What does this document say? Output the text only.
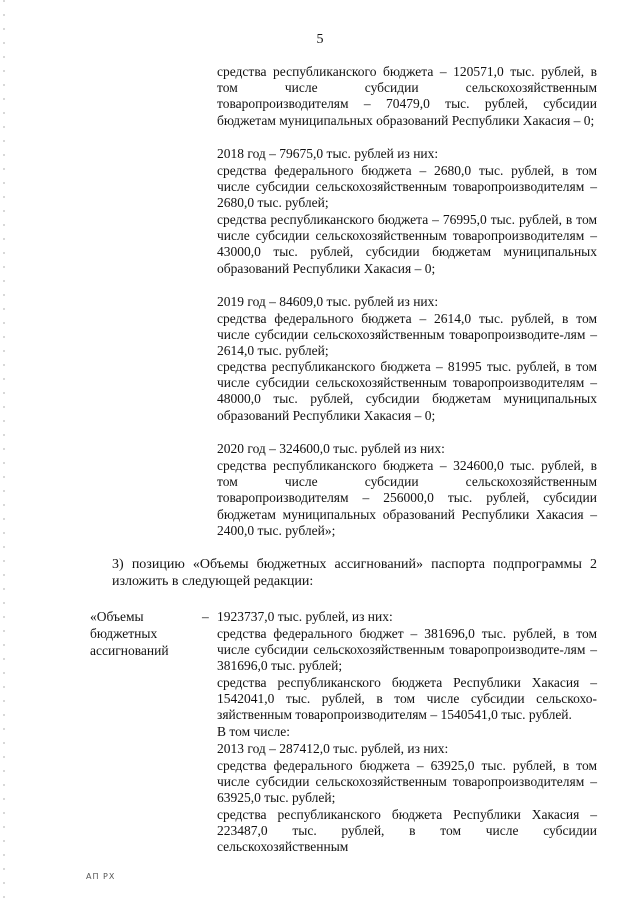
5
средства республиканского бюджета – 120571,0 тыс. рублей, в том числе субсидии сельскохозяйственным товаропроизводителям – 70479,0 тыс. рублей, субсидии бюджетам муниципальных образований Республики Хакасия – 0;
2018 год – 79675,0 тыс. рублей из них:
средства федерального бюджета – 2680,0 тыс. рублей, в том числе субсидии сельскохозяйственным товаропроизводителям – 2680,0 тыс. рублей;
средства республиканского бюджета – 76995,0 тыс. рублей, в том числе субсидии сельскохозяйственным товаропроизводителям – 43000,0 тыс. рублей, субсидии бюджетам муниципальных образований Республики Хакасия – 0;
2019 год – 84609,0 тыс. рублей из них:
средства федерального бюджета – 2614,0 тыс. рублей, в том числе субсидии сельскохозяйственным товаропроизводите-лям – 2614,0 тыс. рублей;
средства республиканского бюджета – 81995 тыс. рублей, в том числе субсидии сельскохозяйственным товаропроизводителям – 48000,0 тыс. рублей, субсидии бюджетам муниципальных образований Республики Хакасия – 0;
2020 год – 324600,0 тыс. рублей из них:
средства республиканского бюджета – 324600,0 тыс. рублей, в том числе субсидии сельскохозяйственным товаропроизводителям – 256000,0 тыс. рублей, субсидии бюджетам муниципальных образований Республики Хакасия – 2400,0 тыс. рублей»;
3) позицию «Объемы бюджетных ассигнований» паспорта подпрограммы 2 изложить в следующей редакции:
«Объемы
бюджетных
ассигнований
– 1923737,0 тыс. рублей, из них:
средства федерального бюджет – 381696,0 тыс. рублей, в том числе субсидии сельскохозяйственным товаропроизводите-лям – 381696,0 тыс. рублей;
средства республиканского бюджета Республики Хакасия – 1542041,0 тыс. рублей, в том числе субсидии сельскохо-зяйственным товаропроизводителям – 1540541,0 тыс. рублей.
В том числе:
2013 год – 287412,0 тыс. рублей, из них:
средства федерального бюджета – 63925,0 тыс. рублей, в том числе субсидии сельскохозяйственным товаропроизводителям – 63925,0 тыс. рублей;
средства республиканского бюджета Республики Хакасия – 223487,0 тыс. рублей, в том числе субсидии сельскохозяйственным
АП РХ
